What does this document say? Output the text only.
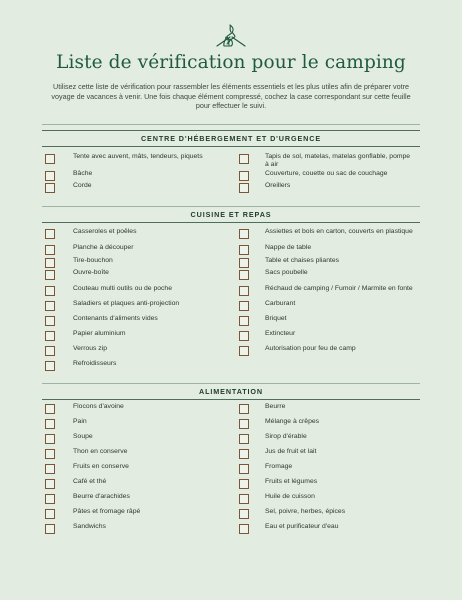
Liste de vérification pour le camping
Utilisez cette liste de vérification pour rassembler les éléments essentiels et les plus utiles afin de préparer votre voyage de vacances à venir. Une fois chaque élément compressé, cochez la case correspondant sur cette feuille pour effectuer le suivi.
CENTRE D'HÉBERGEMENT ET D'URGENCE
Tente avec auvent, mâts, tendeurs, piquets
Bâche
Corde
Tapis de sol, matelas, matelas gonflable, pompe à air
Couverture, couette ou sac de couchage
Oreillers
CUISINE ET REPAS
Casseroles et poêles
Planche à découper
Tire-bouchon
Ouvre-boîte
Couteau multi outils ou de poche
Saladiers et plaques anti-projection
Contenants d'aliments vides
Papier aluminium
Verrous zip
Refroidisseurs
Assiettes et bols en carton, couverts en plastique
Nappe de table
Table et chaises pliantes
Sacs poubelle
Réchaud de camping / Fumoir / Marmite en fonte
Carburant
Briquet
Extincteur
Autorisation pour feu de camp
ALIMENTATION
Flocons d'avoine
Pain
Soupe
Thon en conserve
Fruits en conserve
Café et thé
Beurre d'arachides
Pâtes et fromage râpé
Sandwichs
Beurre
Mélange à crêpes
Sirop d'érable
Jus de fruit et lait
Fromage
Fruits et légumes
Huile de cuisson
Sel, poivre, herbes, épices
Eau et purificateur d'eau
